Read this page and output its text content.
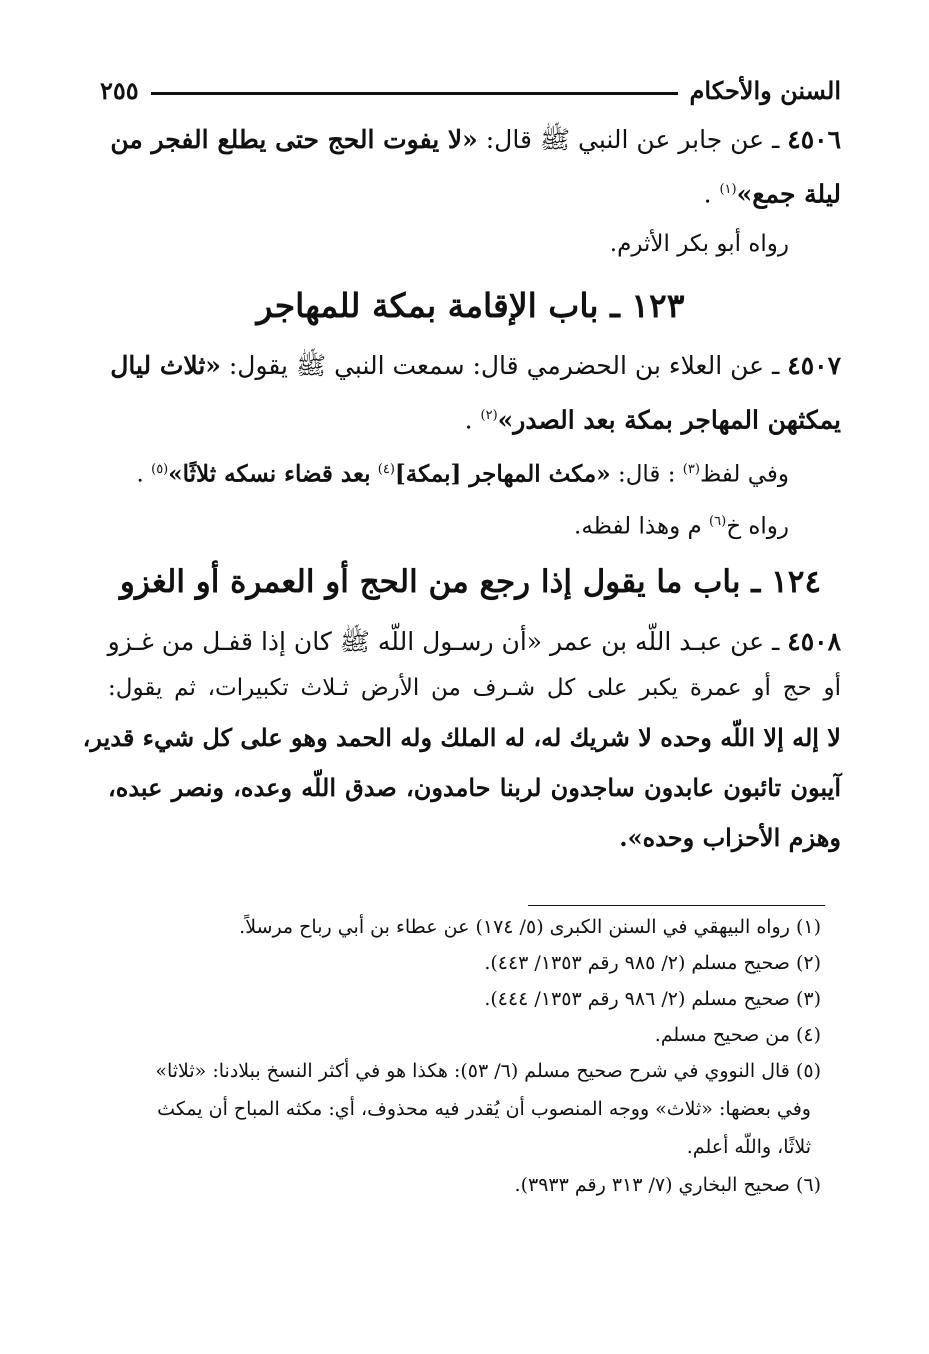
٢٥٥	السنن والأحكام
٤٥٠٦ ـ عن جابر عن النبي ﷺ قال: «لا يفوت الحج حتى يطلع الفجر من
ليلة جمع»$^{(١)}$ .
رواه أبو بكر الأثرم.
١٢٣ ـ باب الإقامة بمكة للمهاجر
٤٥٠٧ ـ عن العلاء بن الحضرمي قال: سمعت النبي ﷺ يقول: «ثلاث ليال
يمكثهن المهاجر بمكة بعد الصدر»$^{(٢)}$ .
وفي لفظ$^{(٣)}$ : قال: «مكث المهاجر [بمكة]$^{(٤)}$ بعد قضاء نسكه ثلاثًا»$^{(٥)}$ .
رواه خ$^{(٦)}$ م وهذا لفظه.
١٢٤ ـ باب ما يقول إذا رجع من الحج أو العمرة أو الغزو
٤٥٠٨ ـ عن عبـد اللّه بن عمر «أن رسـول اللّه ﷺ كان إذا قفـل من غـزو
أو حج أو عمرة يكبر على كل شـرف من الأرض ثـلاث تكبيرات، ثم يقول:
لا إله إلا اللّه وحده لا شريك له، له الملك وله الحمد وهو على كل شيء قدير،
آيبون تائبون عابدون ساجدون لربنا حامدون، صدق اللّه وعده، ونصر عبده،
وهزم الأحزاب وحده».
(١) رواه البيهقي في السنن الكبرى (٥/ ١٧٤) عن عطاء بن أبي رباح مرسلاً.
(٢) صحيح مسلم (٢/ ٩٨٥ رقم ١٣٥٣/ ٤٤٣).
(٣) صحيح مسلم (٢/ ٩٨٦ رقم ١٣٥٣/ ٤٤٤).
(٤) من صحيح مسلم.
(٥) قال النووي في شرح صحيح مسلم (٦/ ٥٣): هكذا هو في أكثر النسخ ببلادنا: «ثلاثا»
وفي بعضها: «ثلاث» ووجه المنصوب أن يُقدر فيه محذوف، أي: مكثه المباح أن يمكث
ثلاثًا، واللّه أعلم.
(٦) صحيح البخاري (٧/ ٣١٣ رقم ٣٩٣٣).
